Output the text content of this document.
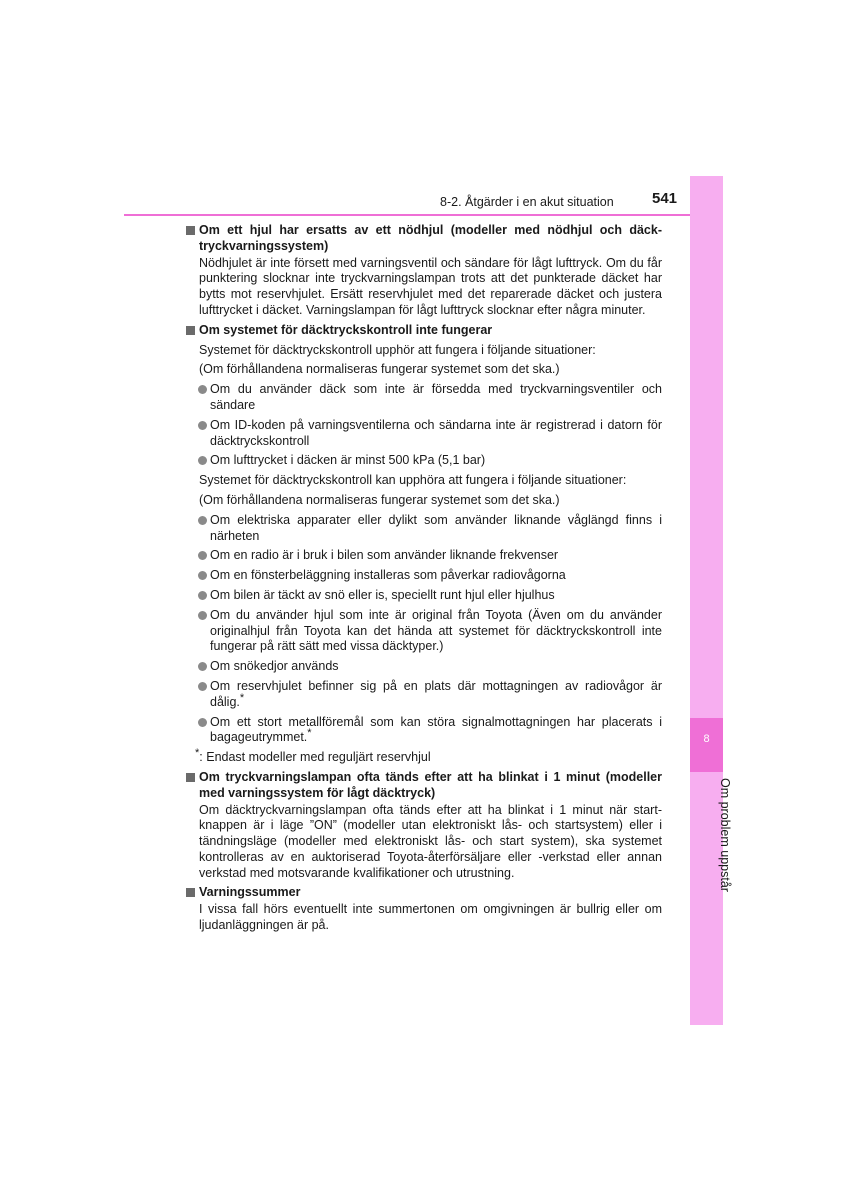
8
Om problem uppstår
8-2. Åtgärder i en akut situation	541
Om ett hjul har ersatts av ett nödhjul (modeller med nödhjul och däcktryckvarningssystem)
Nödhjulet är inte försett med varningsventil och sändare för lågt lufttryck. Om du får punktering slocknar inte tryckvarningslampan trots att det punkterade däcket har bytts mot reservhjulet. Ersätt reservhjulet med det reparerade däcket och justera lufttrycket i däcket. Varningslampan för lågt lufttryck slocknar efter några minuter.
Om systemet för däcktryckskontroll inte fungerar
Systemet för däcktryckskontroll upphör att fungera i följande situationer:
(Om förhållandena normaliseras fungerar systemet som det ska.)
Om du använder däck som inte är försedda med tryckvarningsventiler och sändare
Om ID-koden på varningsventilerna och sändarna inte är registrerad i datorn för däcktryckskontroll
Om lufttrycket i däcken är minst 500 kPa (5,1 bar)
Systemet för däcktryckskontroll kan upphöra att fungera i följande situationer:
(Om förhållandena normaliseras fungerar systemet som det ska.)
Om elektriska apparater eller dylikt som använder liknande våglängd finns i närheten
Om en radio är i bruk i bilen som använder liknande frekvenser
Om en fönsterbeläggning installeras som påverkar radiovågorna
Om bilen är täckt av snö eller is, speciellt runt hjul eller hjulhus
Om du använder hjul som inte är original från Toyota (Även om du använder originalhjul från Toyota kan det hända att systemet för däcktryckskontroll inte fungerar på rätt sätt med vissa däcktyper.)
Om snökedjor används
Om reservhjulet befinner sig på en plats där mottagningen av radiovågor är dålig.*
Om ett stort metallföremål som kan störa signalmottagningen har placerats i bagageutrymmet.*
*: Endast modeller med reguljärt reservhjul
Om tryckvarningslampan ofta tänds efter att ha blinkat i 1 minut (modeller med varningssystem för lågt däcktryck)
Om däcktryckvarningslampan ofta tänds efter att ha blinkat i 1 minut när startknappen är i läge ”ON” (modeller utan elektroniskt lås- och startsystem) eller i tändningsläge (modeller med elektroniskt lås- och start system), ska systemet kontrolleras av en auktoriserad Toyota-återförsäljare eller -verkstad eller annan verkstad med motsvarande kvalifikationer och utrustning.
Varningssummer
I vissa fall hörs eventuellt inte summertonen om omgivningen är bullrig eller om ljudanläggningen är på.
